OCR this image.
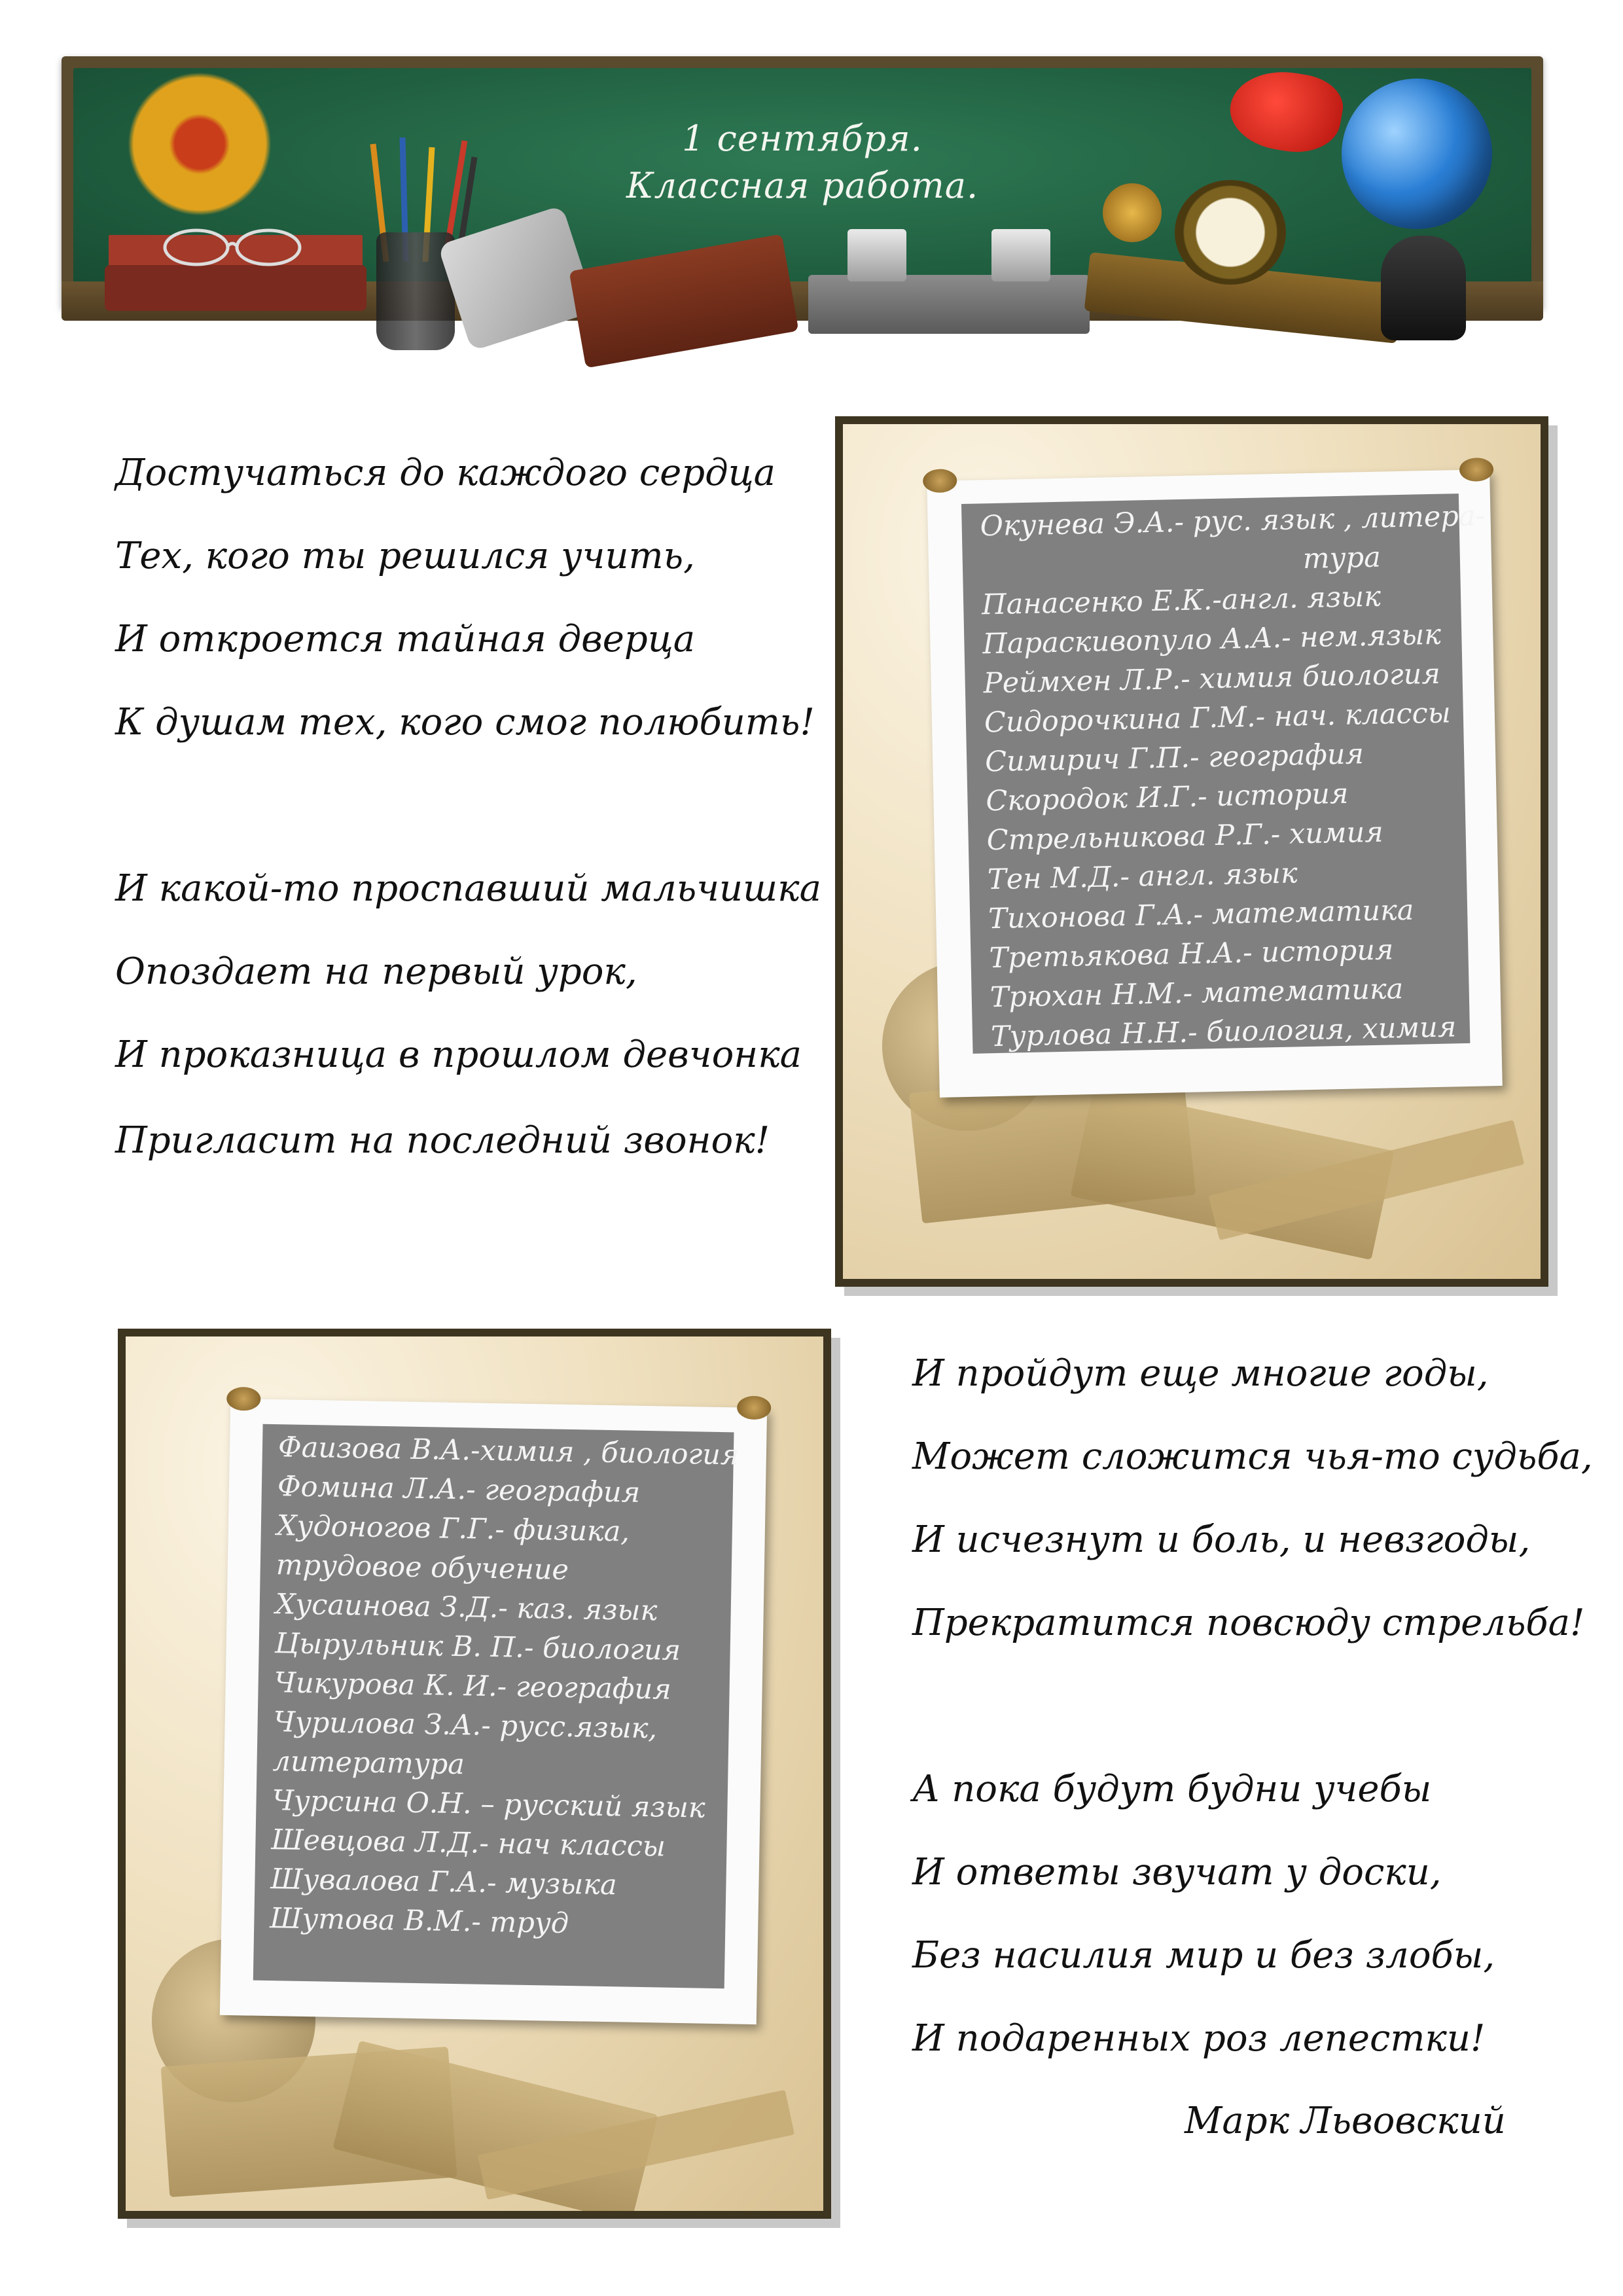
1 сентября.
Классная работа.
Достучаться до каждого сердца
Тех, кого ты решился учить,
И откроется тайная дверца
К душам тех, кого смог полюбить!
И какой-то проспавший мальчишка
Опоздает на первый урок,
И проказница в прошлом девчонка
Пригласит на последний звонок!
Окунева Э.А.- рус. язык , литера-
тура
Панасенко Е.К.-англ. язык
Параскивопуло А.А.- нем.язык
Реймхен Л.Р.- химия биология
Сидорочкина Г.М.- нач. классы
Симирич Г.П.- география
Скородок И.Г.- история
Стрельникова Р.Г.- химия
Тен М.Д.- англ. язык
Тихонова Г.А.- математика
Третьякова Н.А.- история
Трюхан Н.М.- математика
Турлова Н.Н.- биология, химия
Фаизова В.А.-химия , биология
Фомина Л.А.- география
Худоногов Г.Г.- физика,
трудовое обучение
Хусаинова З.Д.- каз. язык
Цырульник В. П.- биология
Чикурова К. И.- география
Чурилова З.А.- русс.язык,
литература
Чурсина О.Н. – русский язык
Шевцова Л.Д.- нач классы
Шувалова Г.А.- музыка
Шутова В.М.- труд
И пройдут еще многие годы,
Может сложится чья-то судьба,
И исчезнут и боль, и невзгоды,
Прекратится повсюду стрельба!
А пока будут будни учебы
И ответы звучат у доски,
Без насилия мир и без злобы,
И подаренных роз лепестки!
Марк Львовский
